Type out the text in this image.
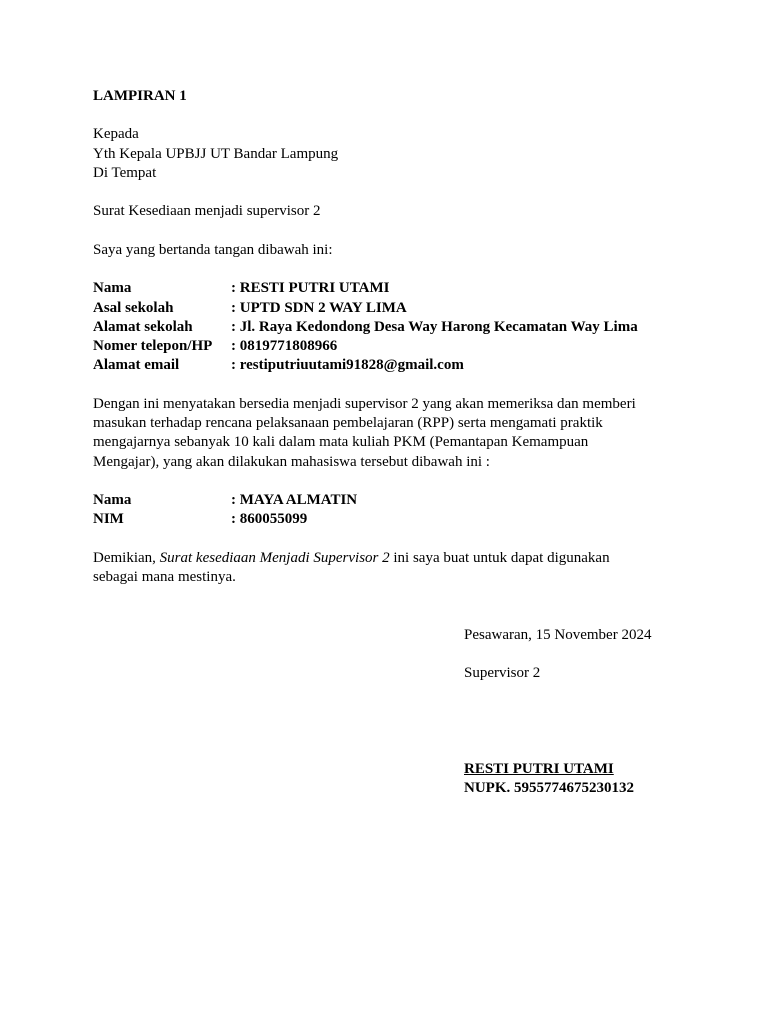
LAMPIRAN 1
Kepada
Yth Kepala UPBJJ UT Bandar Lampung
Di Tempat
Surat Kesediaan menjadi supervisor 2
Saya yang bertanda tangan dibawah ini:
Nama	: RESTI PUTRI UTAMI
Asal sekolah	: UPTD SDN 2 WAY LIMA
Alamat sekolah	: Jl. Raya Kedondong Desa Way Harong Kecamatan Way Lima
Nomer telepon/HP : 0819771808966
Alamat email	: restiputriuutami91828@gmail.com
Dengan ini menyatakan bersedia menjadi supervisor 2 yang akan memeriksa dan memberi
masukan terhadap rencana pelaksanaan pembelajaran (RPP) serta mengamati praktik
mengajarnya sebanyak 10 kali dalam mata kuliah PKM (Pemantapan Kemampuan
Mengajar), yang akan dilakukan mahasiswa tersebut dibawah ini :
Nama	: MAYA ALMATIN
NIM	: 860055099
Demikian, Surat kesediaan Menjadi Supervisor 2 ini saya buat untuk dapat digunakan
sebagai mana mestinya.
Pesawaran, 15 November 2024
Supervisor 2
RESTI PUTRI UTAMI
NUPK. 5955774675230132
